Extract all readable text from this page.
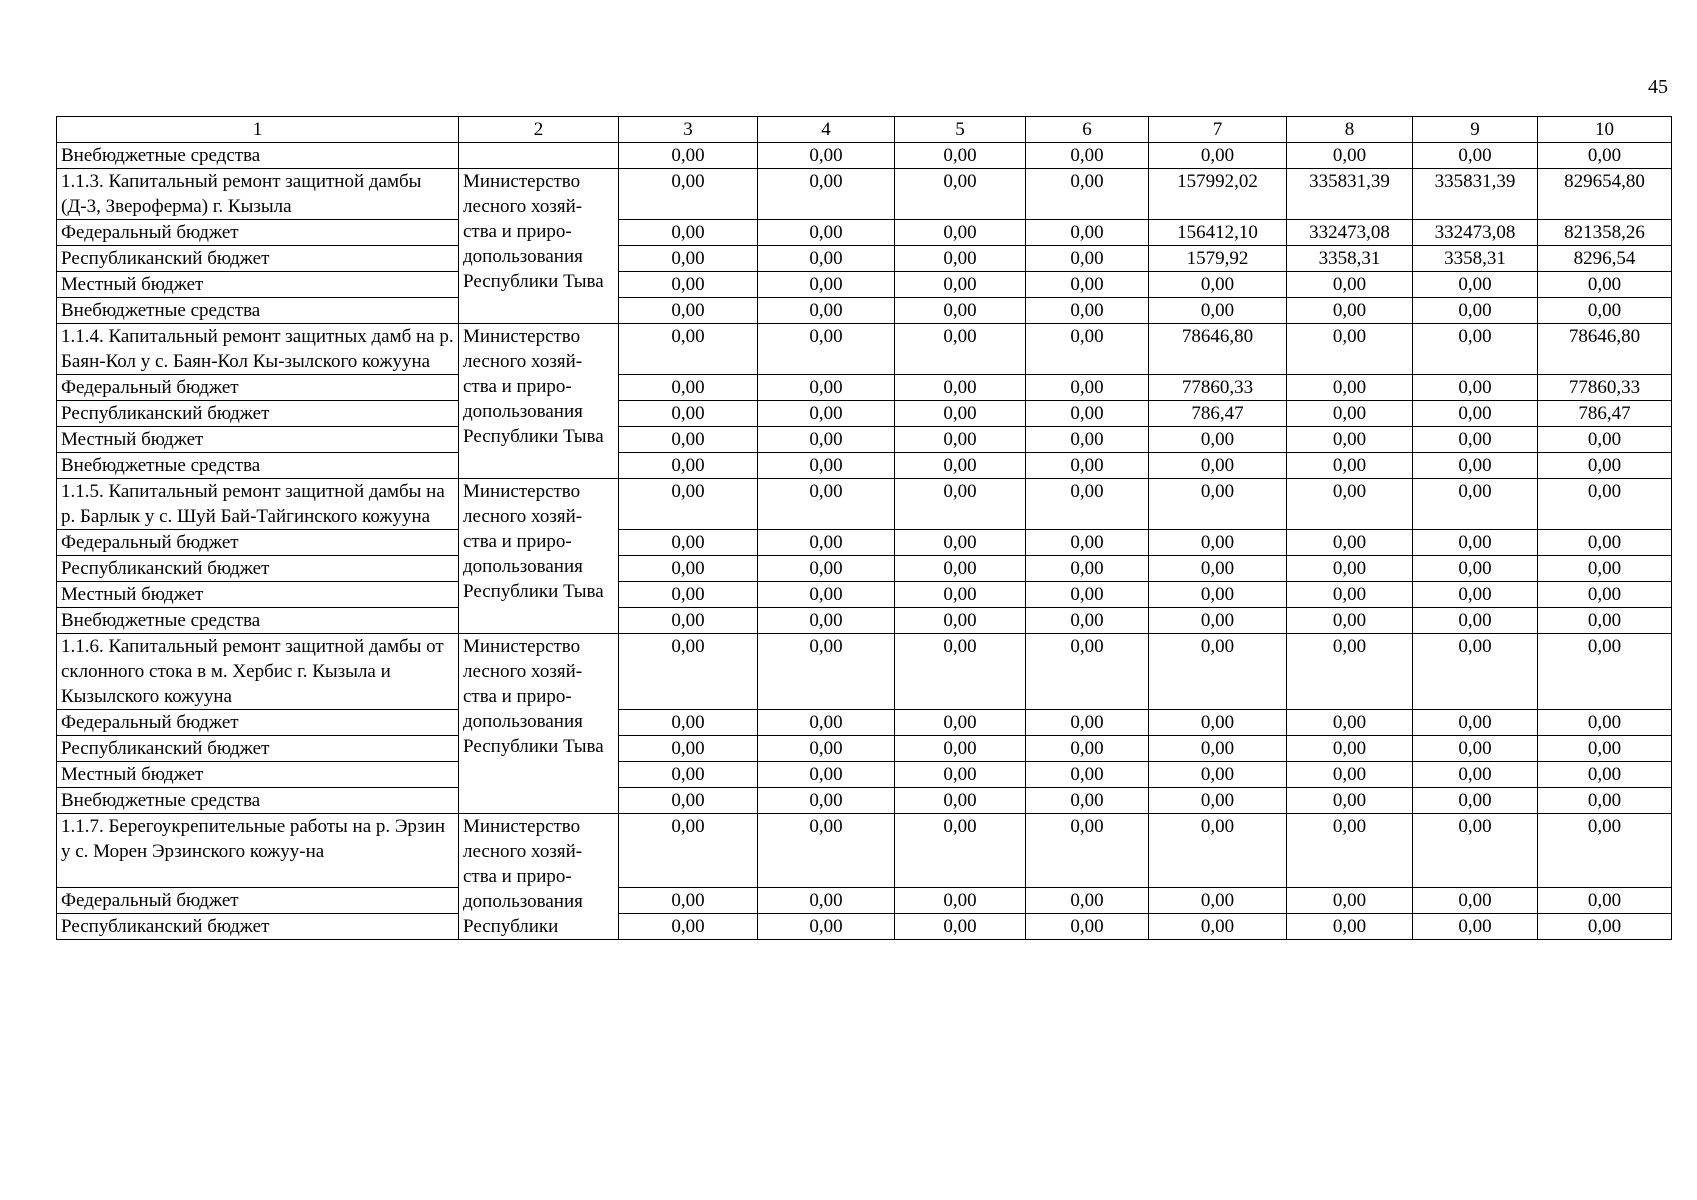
45
1	2	3	4	5	6	7	8	9	10
Внебюджетные средства		0,00	0,00	0,00	0,00	0,00	0,00	0,00	0,00
1.1.3. Капитальный ремонт защитной дамбы (Д-3, Звероферма) г. Кызыла	Министерство лесного хозяй-ства и приро-допользования Республики Тыва	0,00	0,00	0,00	0,00	157992,02	335831,39	335831,39	829654,80
Федеральный бюджет		0,00	0,00	0,00	0,00	156412,10	332473,08	332473,08	821358,26
Республиканский бюджет		0,00	0,00	0,00	0,00	1579,92	3358,31	3358,31	8296,54
Местный бюджет		0,00	0,00	0,00	0,00	0,00	0,00	0,00	0,00
Внебюджетные средства		0,00	0,00	0,00	0,00	0,00	0,00	0,00	0,00
1.1.4. Капитальный ремонт защитных дамб на р. Баян-Кол у с. Баян-Кол Кы-зылского кожууна	Министерство лесного хозяй-ства и приро-допользования Республики Тыва	0,00	0,00	0,00	0,00	78646,80	0,00	0,00	78646,80
Федеральный бюджет		0,00	0,00	0,00	0,00	77860,33	0,00	0,00	77860,33
Республиканский бюджет		0,00	0,00	0,00	0,00	786,47	0,00	0,00	786,47
Местный бюджет		0,00	0,00	0,00	0,00	0,00	0,00	0,00	0,00
Внебюджетные средства		0,00	0,00	0,00	0,00	0,00	0,00	0,00	0,00
1.1.5. Капитальный ремонт защитной дамбы на р. Барлык у с. Шуй Бай-Тайгинского кожууна	Министерство лесного хозяй-ства и приро-допользования Республики Тыва	0,00	0,00	0,00	0,00	0,00	0,00	0,00	0,00
Федеральный бюджет		0,00	0,00	0,00	0,00	0,00	0,00	0,00	0,00
Республиканский бюджет		0,00	0,00	0,00	0,00	0,00	0,00	0,00	0,00
Местный бюджет		0,00	0,00	0,00	0,00	0,00	0,00	0,00	0,00
Внебюджетные средства		0,00	0,00	0,00	0,00	0,00	0,00	0,00	0,00
1.1.6. Капитальный ремонт защитной дамбы от склонного стока в м. Хербис г. Кызыла и Кызылского кожууна	Министерство лесного хозяй-ства и приро-допользования Республики Тыва	0,00	0,00	0,00	0,00	0,00	0,00	0,00	0,00
Федеральный бюджет		0,00	0,00	0,00	0,00	0,00	0,00	0,00	0,00
Республиканский бюджет		0,00	0,00	0,00	0,00	0,00	0,00	0,00	0,00
Местный бюджет		0,00	0,00	0,00	0,00	0,00	0,00	0,00	0,00
Внебюджетные средства		0,00	0,00	0,00	0,00	0,00	0,00	0,00	0,00
1.1.7. Берегоукрепительные работы на р. Эрзин у с. Морен Эрзинского кожуу-на	Министерство лесного хозяй-ства и приро-допользования Республики	0,00	0,00	0,00	0,00	0,00	0,00	0,00	0,00
Федеральный бюджет		0,00	0,00	0,00	0,00	0,00	0,00	0,00	0,00
Республиканский бюджет		0,00	0,00	0,00	0,00	0,00	0,00	0,00	0,00
